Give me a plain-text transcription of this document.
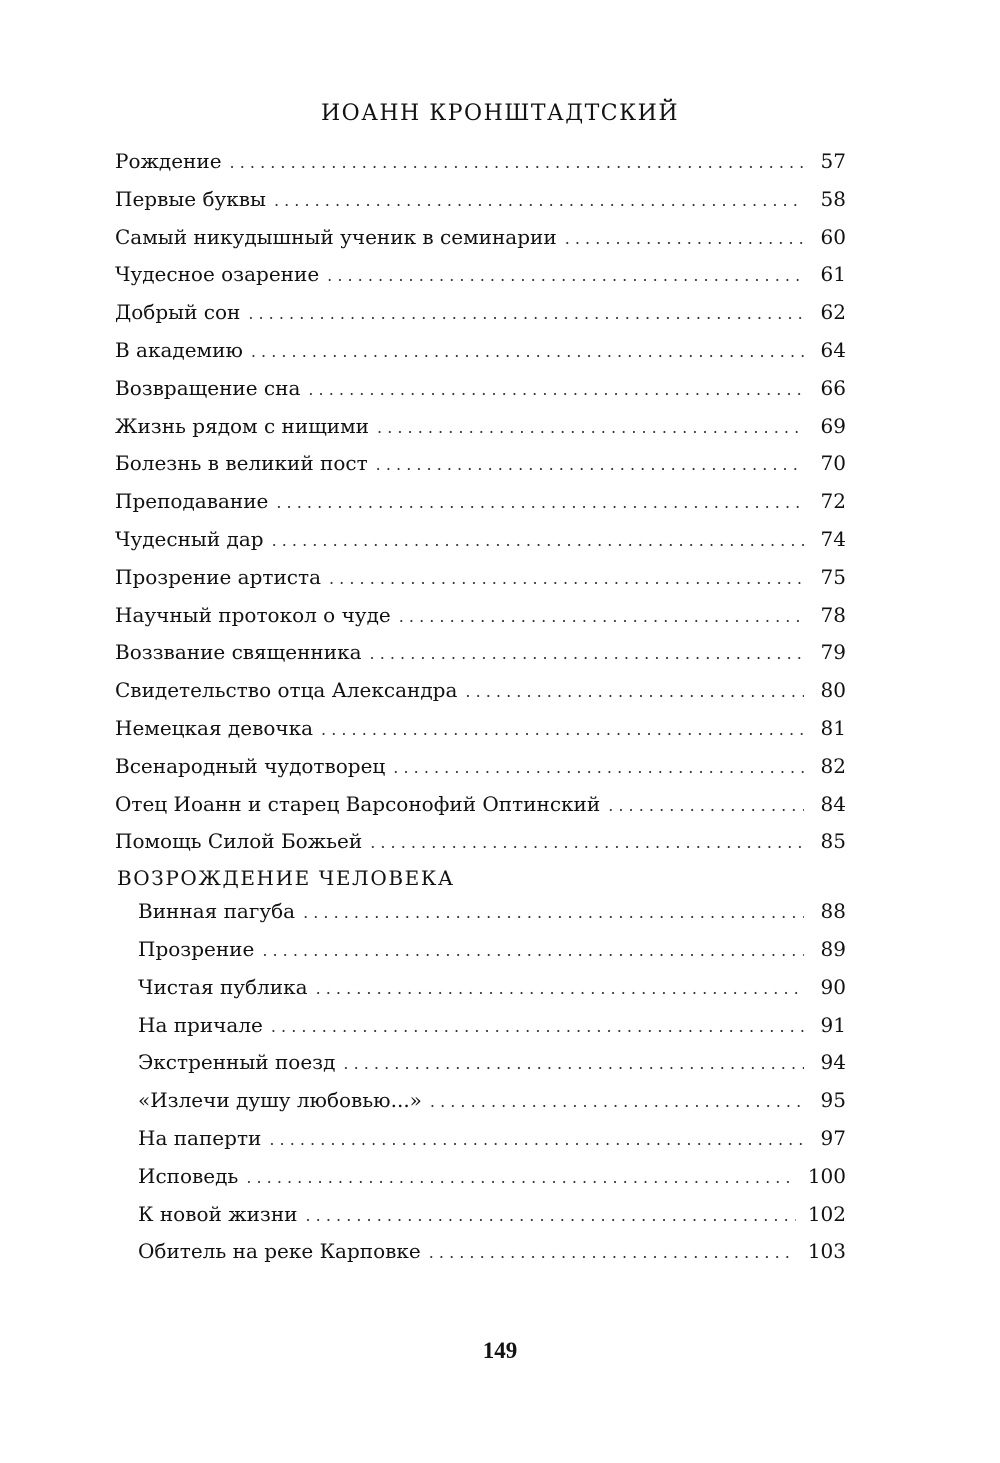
ИОАНН КРОНШТАДТСКИЙ
Рождение . . .	57
Первые буквы . . .	58
Самый никудышный ученик в семинарии . . .	60
Чудесное озарение . . .	61
Добрый сон . . .	62
В академию . . .	64
Возвращение сна . . .	66
Жизнь рядом с нищими . . .	69
Болезнь в великий пост . . .	70
Преподавание . . .	72
Чудесный дар . . .	74
Прозрение артиста . . .	75
Научный протокол о чуде . . .	78
Воззвание священника . . .	79
Свидетельство отца Александра . . .	80
Немецкая девочка . . .	81
Всенародный чудотворец . . .	82
Отец Иоанн и старец Варсонофий Оптинский . . .	84
Помощь Силой Божьей . . .	85
ВОЗРОЖДЕНИЕ ЧЕЛОВЕКА
Винная пагуба . . .	88
Прозрение . . .	89
Чистая публика . . .	90
На причале . . .	91
Экстренный поезд . . .	94
«Излечи душу любовью...» . . .	95
На паперти . . .	97
Исповедь . . .	100
К новой жизни . . .	102
Обитель на реке Карповке . . .	103
149
